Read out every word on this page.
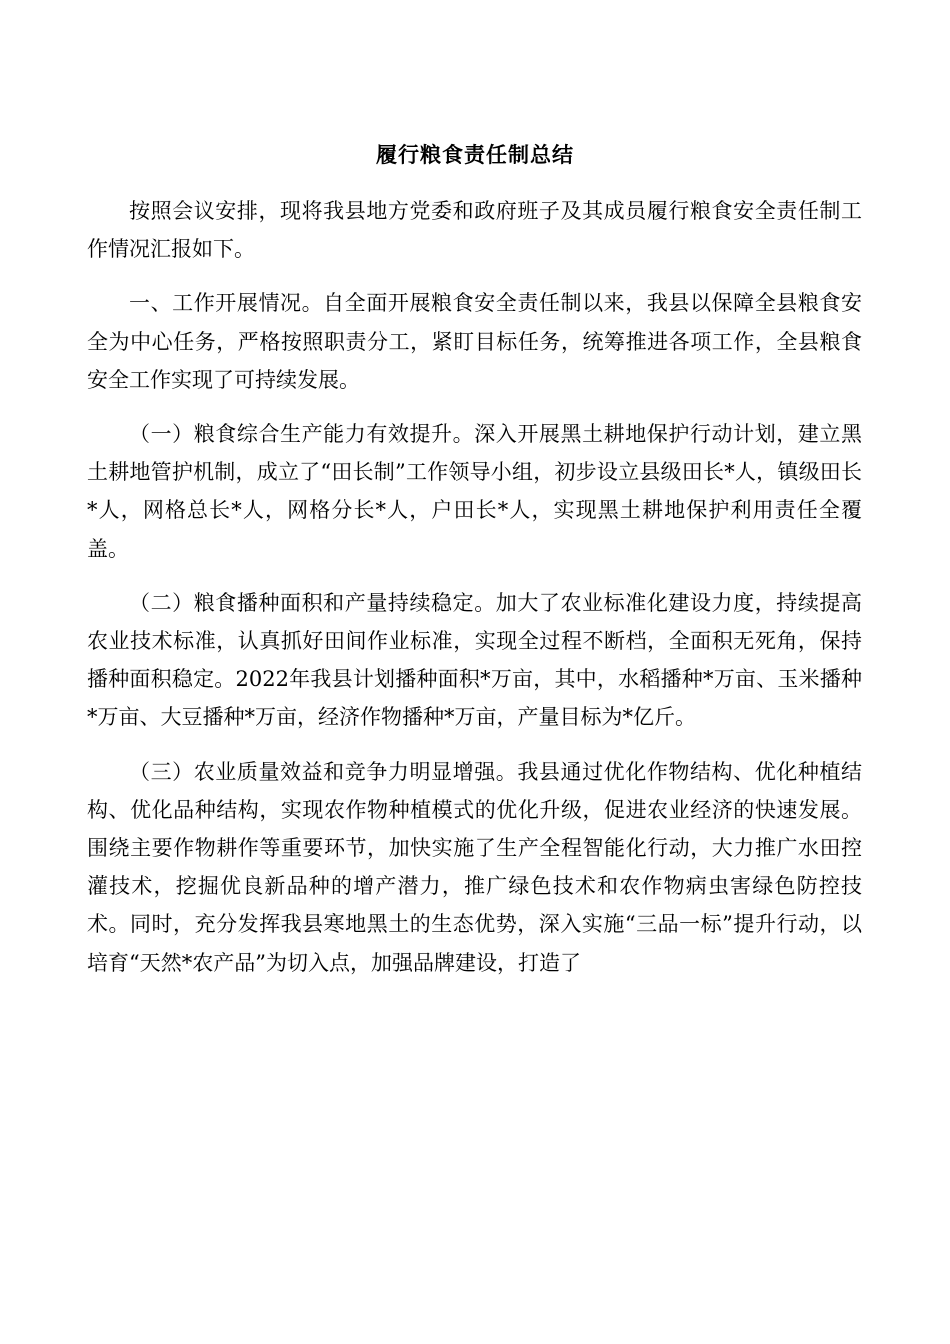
履行粮食责任制总结

按照会议安排，现将我县地方党委和政府班子及其成员履行粮食安全责任制工作情况汇报如下。

一、工作开展情况。自全面开展粮食安全责任制以来，我县以保障全县粮食安全为中心任务，严格按照职责分工，紧盯目标任务，统筹推进各项工作，全县粮食安全工作实现了可持续发展。

（一）粮食综合生产能力有效提升。深入开展黑土耕地保护行动计划，建立黑土耕地管护机制，成立了“田长制”工作领导小组，初步设立县级田长*人，镇级田长*人，网格总长*人，网格分长*人，户田长*人，实现黑土耕地保护利用责任全覆盖。

（二）粮食播种面积和产量持续稳定。加大了农业标准化建设力度，持续提高农业技术标准，认真抓好田间作业标准，实现全过程不断档，全面积无死角，保持播种面积稳定。2022年我县计划播种面积*万亩，其中，水稻播种*万亩、玉米播种*万亩、大豆播种*万亩，经济作物播种*万亩，产量目标为*亿斤。

（三）农业质量效益和竞争力明显增强。我县通过优化作物结构、优化种植结构、优化品种结构，实现农作物种植模式的优化升级，促进农业经济的快速发展。围绕主要作物耕作等重要环节，加快实施了生产全程智能化行动，大力推广水田控灌技术，挖掘优良新品种的增产潜力，推广绿色技术和农作物病虫害绿色防控技术。同时，充分发挥我县寒地黑土的生态优势，深入实施“三品一标”提升行动，以培育“天然*农产品”为切入点，加强品牌建设，打造了
